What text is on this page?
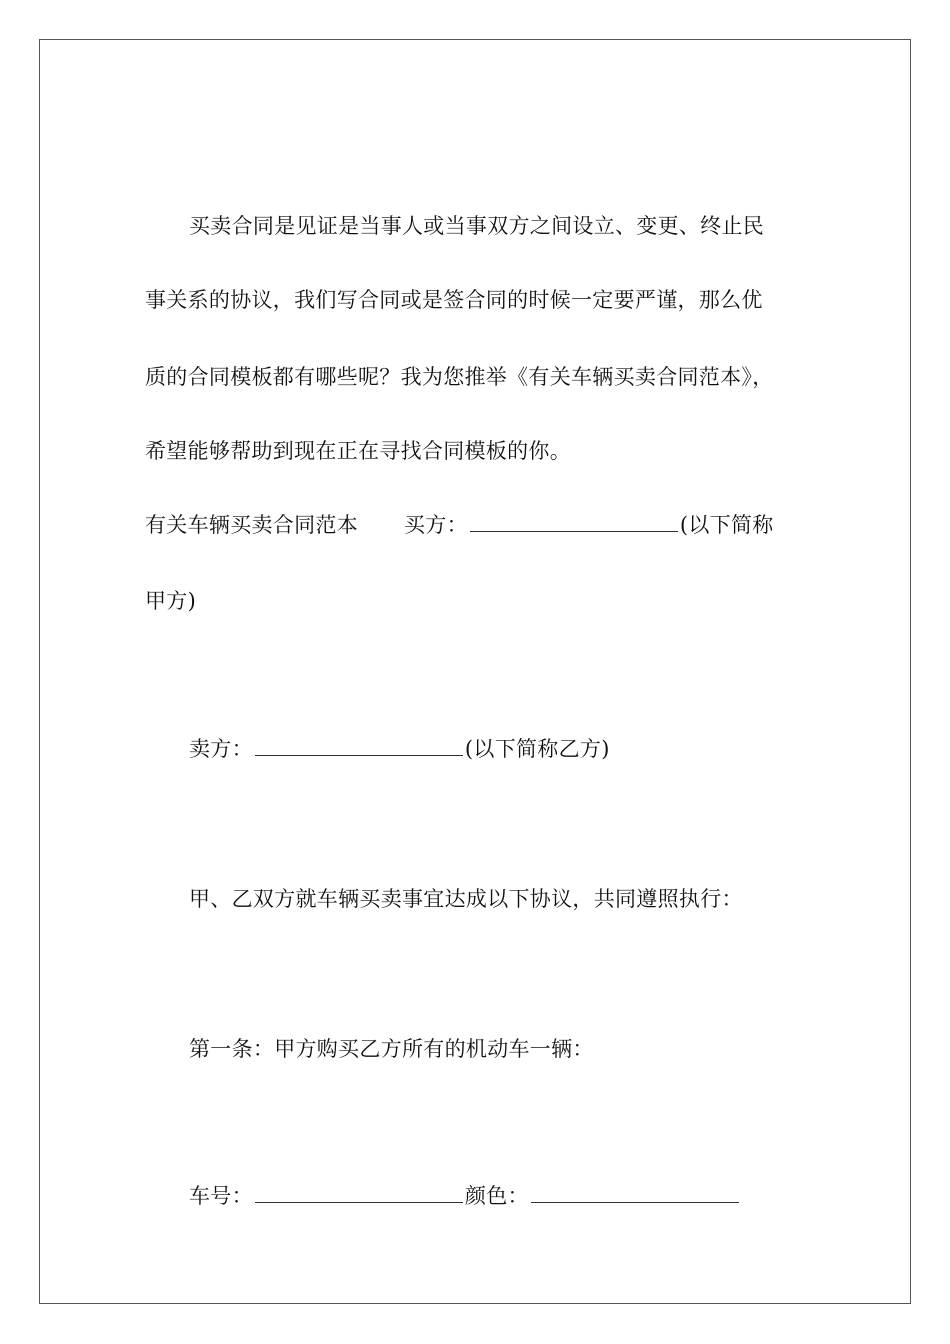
买卖合同是见证是当事人或当事双方之间设立、变更、终止民
事关系的协议，我们写合同或是签合同的时候一定要严谨，那么优
质的合同模板都有哪些呢？我为您推举《有关车辆买卖合同范本》，
希望能够帮助到现在正在寻找合同模板的你。
有关车辆买卖合同范本 买方：	(以下简称
甲方)
卖方：	(以下简称乙方)
甲、乙双方就车辆买卖事宜达成以下协议，共同遵照执行：
第一条：甲方购买乙方所有的机动车一辆：
车号：	颜色：
